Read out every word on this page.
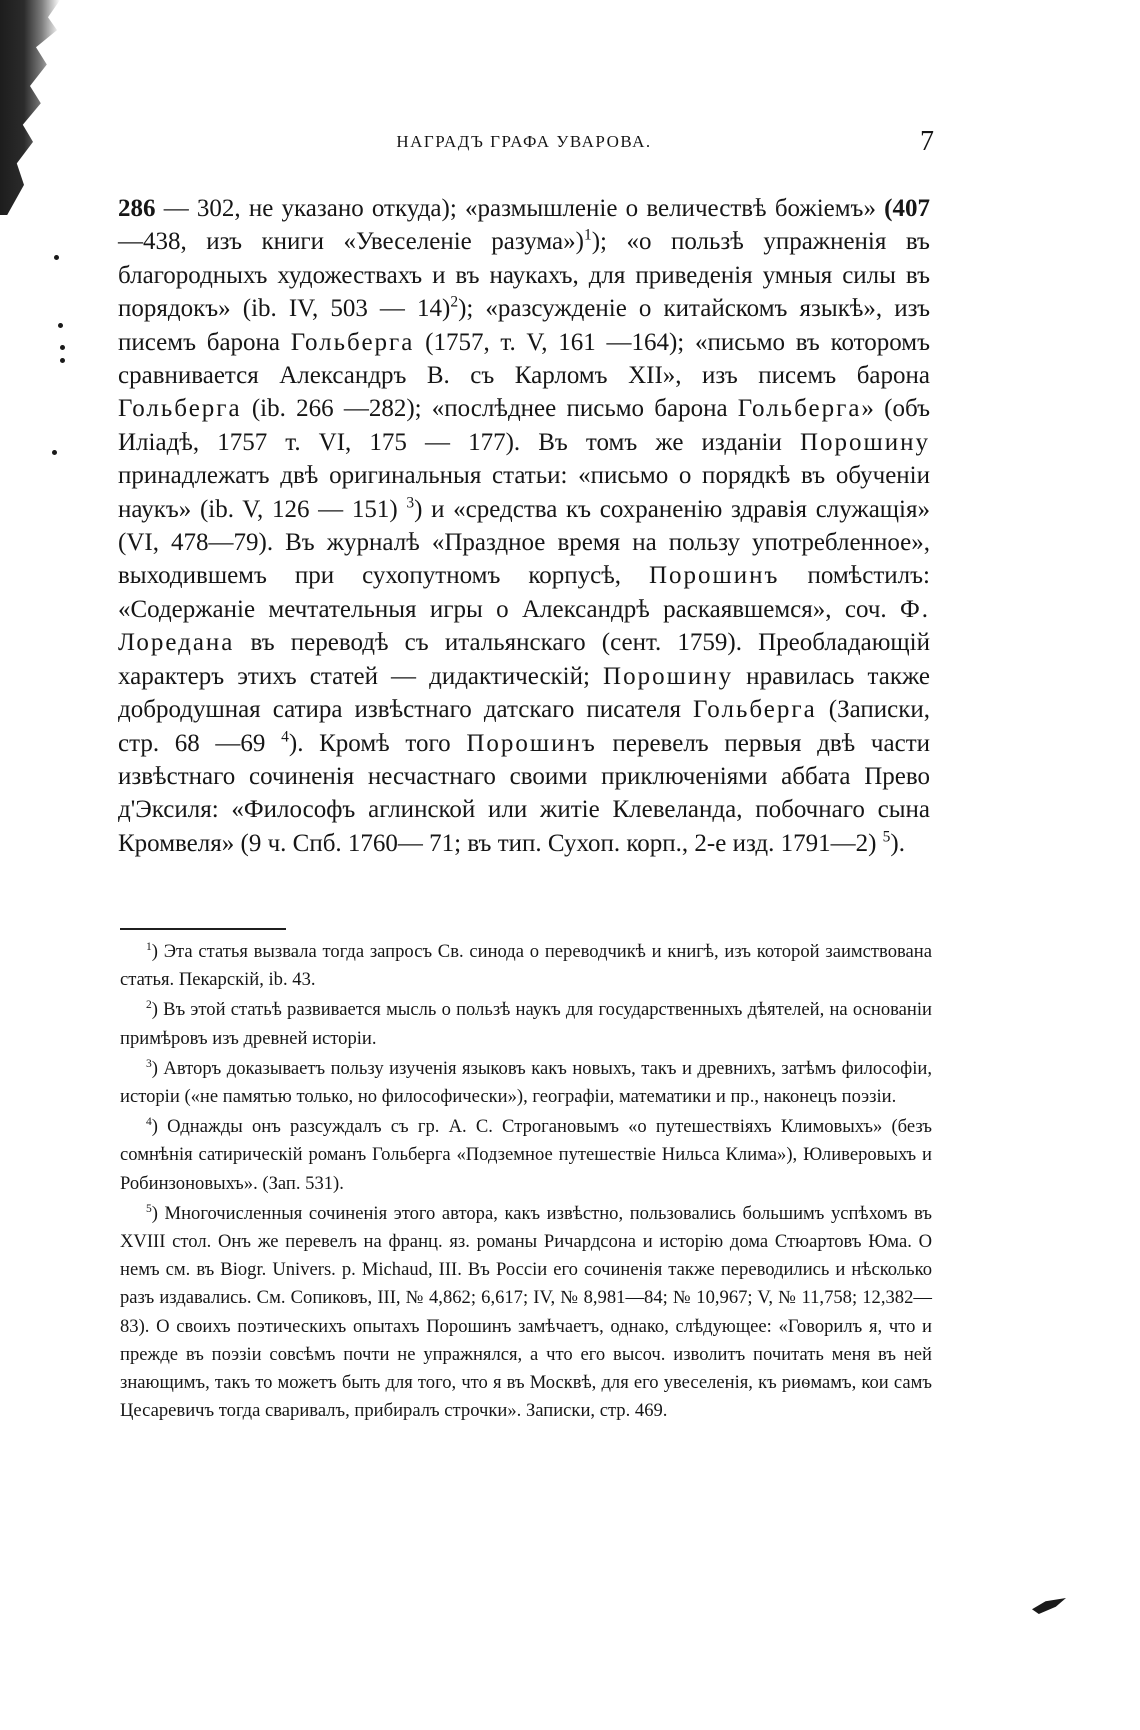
НАГРАДЪ ГРАФА УВАРОВА.	7

286 — 302, не указано откуда); «размышленіе о величествѣ божіемъ» (407—438, изъ книги «Увеселеніе разума»)$^1$); «о пользѣ упражненія въ благородныхъ художествахъ и въ наукахъ, для приведенія умныя силы въ порядокъ» (ib. IV, 503 — 14)$^2$); «разсужденіе о китайскомъ языкѣ», изъ писемъ барона Гольберга (1757, т. V, 161 —164); «письмо въ которомъ сравнивается Александръ В. съ Карломъ XII», изъ писемъ барона Гольберга (ib. 266 —282); «послѣднее письмо барона Гольберга» (объ Иліадѣ, 1757 т. VI, 175 — 177). Въ томъ же изданіи Порошину принадлежатъ двѣ оригинальныя статьи: «письмо о порядкѣ въ обученіи наукъ» (ib. V, 126 — 151) $^3$) и «средства къ сохраненію здравія служащія» (VI, 478—79). Въ журналѣ «Праздное время на пользу употребленное», выходившемъ при сухопутномъ корпусѣ, Порошинъ помѣстилъ: «Содержаніе мечтательныя игры о Александрѣ раскаявшемся», соч. Ф. Лоредана въ переводѣ съ итальянскаго (сент. 1759). Преобладающій характеръ этихъ статей — дидактическій; Порошину нравилась также добродушная сатира извѣстнаго датскаго писателя Гольберга (Записки, стр. 68 —69 $^4$). Кромѣ того Порошинъ перевелъ первыя двѣ части извѣстнаго сочиненія несчастнаго своими приключеніями аббата Прево д'Эксиля: «Философъ аглинской или житіе Клевеланда, побочнаго сына Кромвеля» (9 ч. Спб. 1760— 71; въ тип. Сухоп. корп., 2-е изд. 1791—2) $^5$).

$^1$) Эта статья вызвала тогда запросъ Св. синода о переводчикѣ и книгѣ, изъ которой заимствована статья. Пекарскій, ib. 43.

$^2$) Въ этой статьѣ развивается мысль о пользѣ наукъ для государственныхъ дѣятелей, на основаніи примѣровъ изъ древней исторіи.

$^3$) Авторъ доказываетъ пользу изученія языковъ какъ новыхъ, такъ и древнихъ, затѣмъ философіи, исторіи («не памятью только, но философически»), географіи, математики и пр., наконецъ поэзіи.

$^4$) Однажды онъ разсуждалъ съ гр. А. С. Строгановымъ «о путешествіяхъ Климовыхъ» (безъ сомнѣнія сатирическій романъ Гольберга «Подземное путешествіе Нильса Клима»), Юливеровыхъ и Робинзоновыхъ». (Зап. 531).

$^5$) Многочисленныя сочиненія этого автора, какъ извѣстно, пользовались большимъ успѣхомъ въ XVIII стол. Онъ же перевелъ на франц. яз. романы Ричардсона и исторію дома Стюартовъ Юма. О немъ см. въ Biogr. Univers. p. Michaud, III. Въ Россіи его сочиненія также переводились и нѣсколько разъ издавались. См. Сопиковъ, III, № 4,862; 6,617; IV, № 8,981—84; № 10,967; V, № 11,758; 12,382—83). О своихъ поэтическихъ опытахъ Порошинъ замѣчаетъ, однако, слѣдующее: «Говорилъ я, что и прежде въ поэзіи совсѣмъ почти не упражнялся, а что его высоч. изволитъ почитать меня въ ней знающимъ, такъ то можетъ быть для того, что я въ Москвѣ, для его увеселенія, къ риѳмамъ, кои самъ Цесаревичъ тогда сваривалъ, прибиралъ строчки». Записки, стр. 469.
